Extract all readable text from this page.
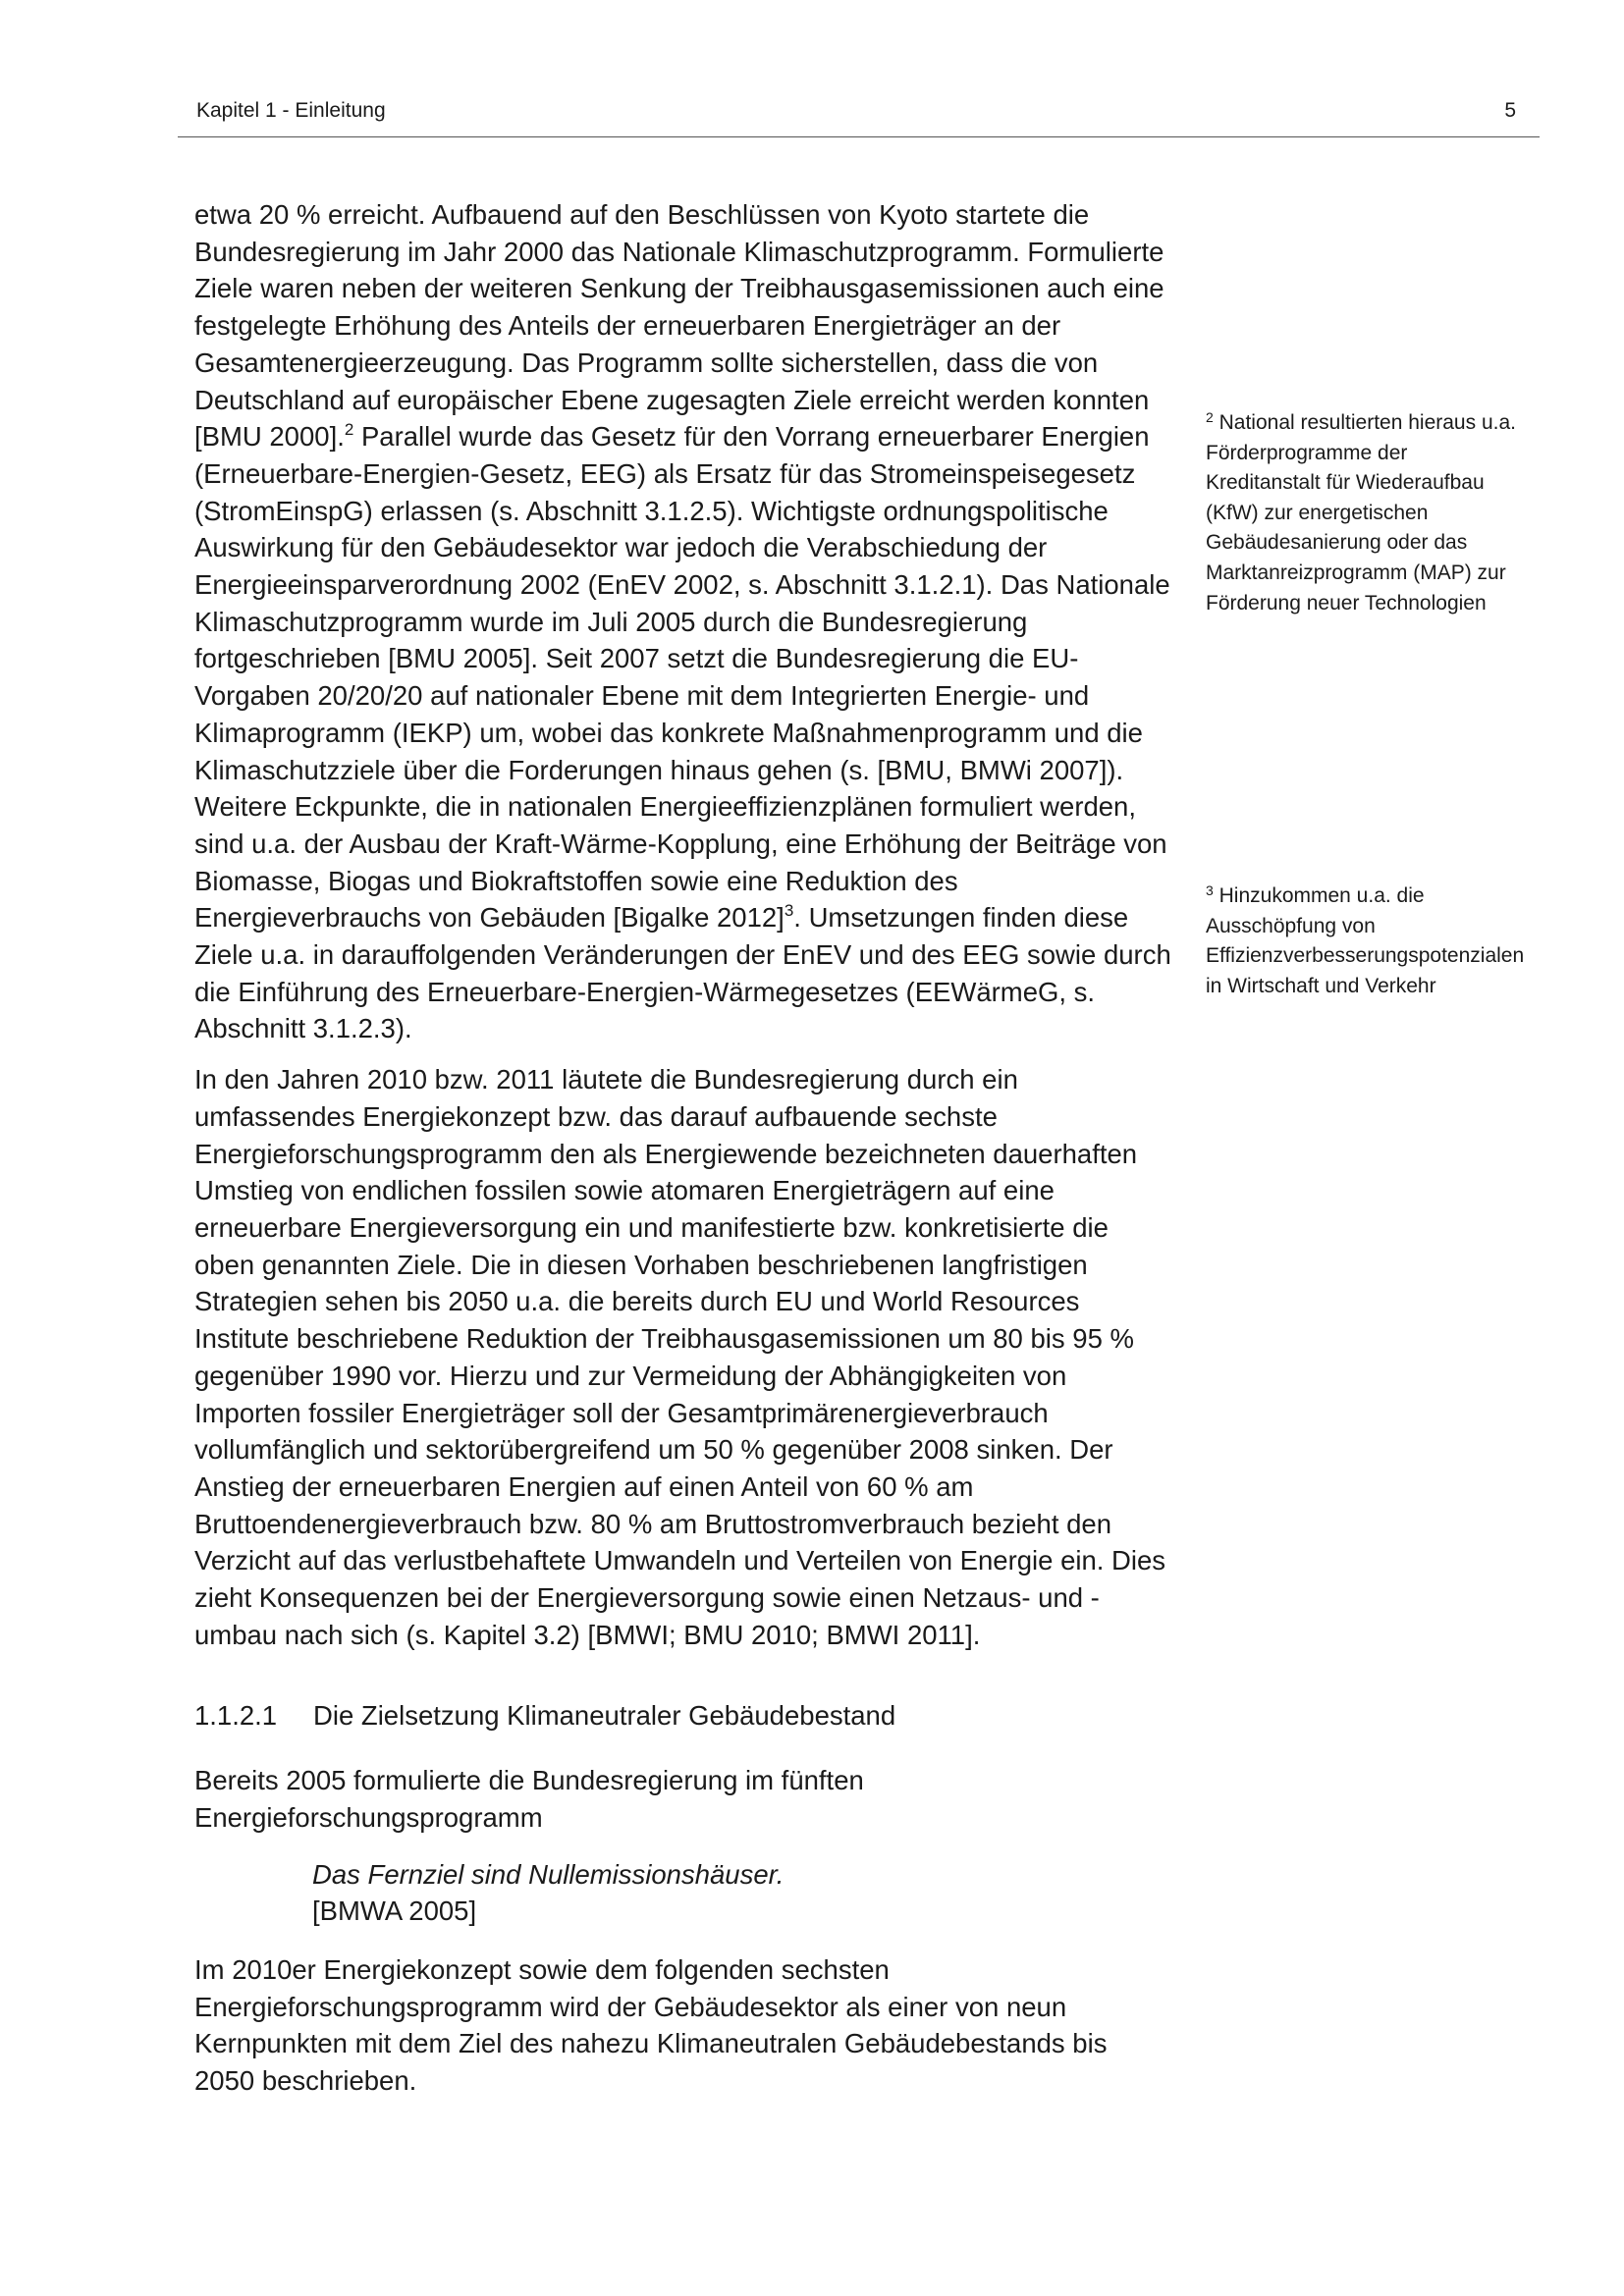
Kapitel 1 - Einleitung	5

etwa 20 % erreicht. Aufbauend auf den Beschlüssen von Kyoto startete die Bundesregierung im Jahr 2000 das Nationale Klimaschutzprogramm. Formulierte Ziele waren neben der weiteren Senkung der Treibhausgasemissionen auch eine festgelegte Erhöhung des Anteils der erneuerbaren Energieträger an der Gesamtenergieerzeugung. Das Programm sollte sicherstellen, dass die von Deutschland auf europäischer Ebene zugesagten Ziele erreicht werden konnten [BMU 2000].$^2$ Parallel wurde das Gesetz für den Vorrang erneuerbarer Energien (Erneuerbare-Energien-Gesetz, EEG) als Ersatz für das Stromeinspeisegesetz (StromEinspG) erlassen (s. Abschnitt 3.1.2.5). Wichtigste ordnungspolitische Auswirkung für den Gebäudesektor war jedoch die Verabschiedung der Energieeinsparverordnung 2002 (EnEV 2002, s. Abschnitt 3.1.2.1). Das Nationale Klimaschutzprogramm wurde im Juli 2005 durch die Bundesregierung fortgeschrieben [BMU 2005]. Seit 2007 setzt die Bundesregierung die EU-Vorgaben 20/20/20 auf nationaler Ebene mit dem Integrierten Energie- und Klimaprogramm (IEKP) um, wobei das konkrete Maßnahmenprogramm und die Klimaschutzziele über die Forderungen hinaus gehen (s. [BMU, BMWi 2007]). Weitere Eckpunkte, die in nationalen Energieeffizienzplänen formuliert werden, sind u.a. der Ausbau der Kraft-Wärme-Kopplung, eine Erhöhung der Beiträge von Biomasse, Biogas und Biokraftstoffen sowie eine Reduktion des Energieverbrauchs von Gebäuden [Bigalke 2012]$^3$. Umsetzungen finden diese Ziele u.a. in darauffolgenden Veränderungen der EnEV und des EEG sowie durch die Einführung des Erneuerbare-Energien-Wärmegesetzes (EEWärmeG, s. Abschnitt 3.1.2.3).

In den Jahren 2010 bzw. 2011 läutete die Bundesregierung durch ein umfassendes Energiekonzept bzw. das darauf aufbauende sechste Energieforschungsprogramm den als Energiewende bezeichneten dauerhaften Umstieg von endlichen fossilen sowie atomaren Energieträgern auf eine erneuerbare Energieversorgung ein und manifestierte bzw. konkretisierte die oben genannten Ziele. Die in diesen Vorhaben beschriebenen langfristigen Strategien sehen bis 2050 u.a. die bereits durch EU und World Resources Institute beschriebene Reduktion der Treibhausgasemissionen um 80 bis 95 % gegenüber 1990 vor. Hierzu und zur Vermeidung der Abhängigkeiten von Importen fossiler Energieträger soll der Gesamtprimärenergieverbrauch vollumfänglich und sektorübergreifend um 50 % gegenüber 2008 sinken. Der Anstieg der erneuerbaren Energien auf einen Anteil von 60 % am Bruttoendenergieverbrauch bzw. 80 % am Bruttostromverbrauch bezieht den Verzicht auf das verlustbehaftete Umwandeln und Verteilen von Energie ein. Dies zieht Konsequenzen bei der Energieversorgung sowie einen Netzaus- und -umbau nach sich (s. Kapitel 3.2) [BMWI; BMU 2010; BMWI 2011].

1.1.2.1 Die Zielsetzung Klimaneutraler Gebäudebestand

Bereits 2005 formulierte die Bundesregierung im fünften Energieforschungsprogramm

Das Fernziel sind Nullemissionshäuser.
[BMWA 2005]

Im 2010er Energiekonzept sowie dem folgenden sechsten Energieforschungsprogramm wird der Gebäudesektor als einer von neun Kernpunkten mit dem Ziel des nahezu Klimaneutralen Gebäudebestands bis 2050 beschrieben.

$^2$ National resultierten hieraus u.a. Förderprogramme der Kreditanstalt für Wiederaufbau (KfW) zur energetischen Gebäudesanierung oder das Marktanreizprogramm (MAP) zur Förderung neuer Technologien

$^3$ Hinzukommen u.a. die Ausschöpfung von Effizienzverbesserungspotenzialen in Wirtschaft und Verkehr
